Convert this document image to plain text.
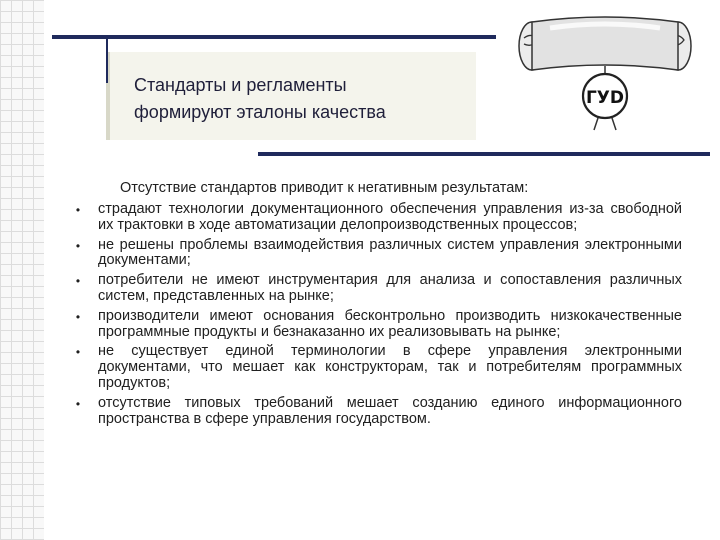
Стандарты и регламенты
формируют эталоны качества
ГУD
Отсутствие стандартов приводит к негативным результатам:
• страдают технологии документационного обеспечения управления из-за свободной их трактовки в ходе автоматизации делопроизводственных процессов;
• не решены проблемы взаимодействия различных систем управления электронными документами;
• потребители не имеют инструментария для анализа и сопоставления различных систем, представленных на рынке;
• производители имеют основания бесконтрольно производить низкокачественные программные продукты и безнаказанно их реализовывать на рынке;
• не существует единой терминологии в сфере управления электронными документами, что мешает как конструкторам, так и потребителям программных продуктов;
• отсутствие типовых требований мешает созданию единого информационного пространства в сфере управления государством.
